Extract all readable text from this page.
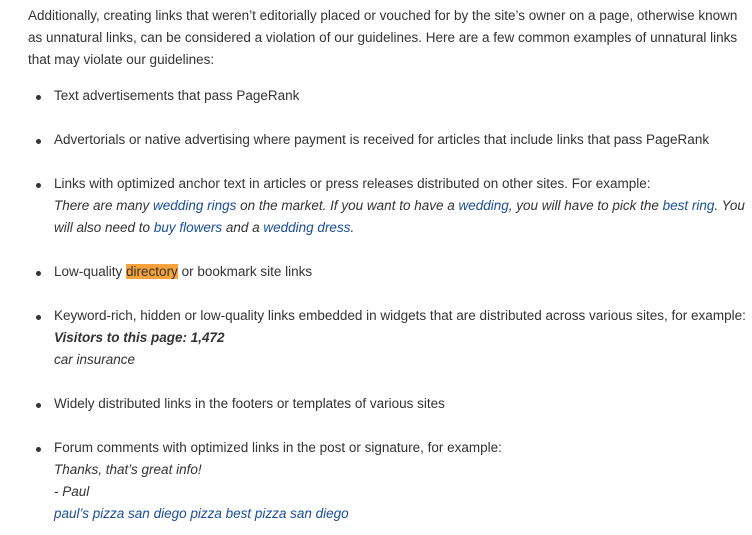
Additionally, creating links that weren’t editorially placed or vouched for by the site’s owner on a page, otherwise known
as unnatural links, can be considered a violation of our guidelines. Here are a few common examples of unnatural links
that may violate our guidelines:

Text advertisements that pass PageRank
Advertorials or native advertising where payment is received for articles that include links that pass PageRank
Links with optimized anchor text in articles or press releases distributed on other sites. For example:
There are many wedding rings on the market. If you want to have a wedding, you will have to pick the best ring. You
will also need to buy flowers and a wedding dress.
Low-quality directory or bookmark site links
Keyword-rich, hidden or low-quality links embedded in widgets that are distributed across various sites, for example:
Visitors to this page: 1,472
car insurance
Widely distributed links in the footers or templates of various sites
Forum comments with optimized links in the post or signature, for example:
Thanks, that’s great info!
- Paul
paul’s pizza san diego pizza best pizza san diego
